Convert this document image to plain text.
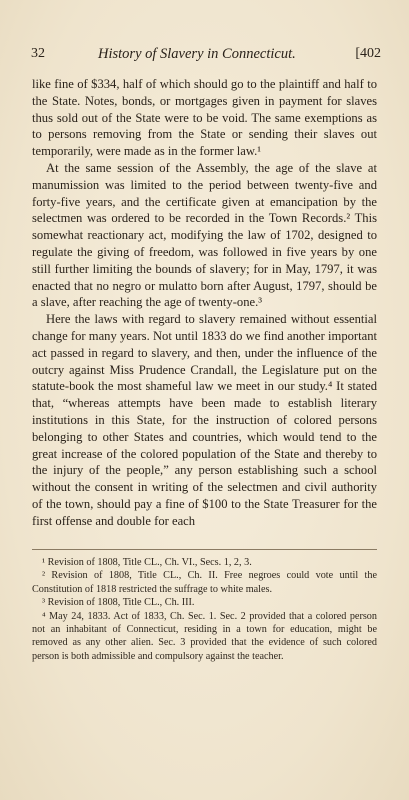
32	History of Slavery in Connecticut.	[402

like fine of $334, half of which should go to the plaintiff and half to the State. Notes, bonds, or mortgages given in payment for slaves thus sold out of the State were to be void. The same exemptions as to persons removing from the State or sending their slaves out temporarily, were made as in the former law.¹

At the same session of the Assembly, the age of the slave at manumission was limited to the period between twenty-five and forty-five years, and the certificate given at emancipation by the selectmen was ordered to be recorded in the Town Records.² This somewhat reactionary act, modifying the law of 1702, designed to regulate the giving of freedom, was followed in five years by one still further limiting the bounds of slavery; for in May, 1797, it was enacted that no negro or mulatto born after August, 1797, should be a slave, after reaching the age of twenty-one.³

Here the laws with regard to slavery remained without essential change for many years. Not until 1833 do we find another important act passed in regard to slavery, and then, under the influence of the outcry against Miss Prudence Crandall, the Legislature put on the statute-book the most shameful law we meet in our study.⁴ It stated that, “whereas attempts have been made to establish literary institutions in this State, for the instruction of colored persons belonging to other States and countries, which would tend to the great increase of the colored population of the State and thereby to the injury of the people,” any person establishing such a school without the consent in writing of the selectmen and civil authority of the town, should pay a fine of $100 to the State Treasurer for the first offense and double for each

¹ Revision of 1808, Title CL., Ch. VI., Secs. 1, 2, 3.

² Revision of 1808, Title CL., Ch. II. Free negroes could vote until the Constitution of 1818 restricted the suffrage to white males.

³ Revision of 1808, Title CL., Ch. III.

⁴ May 24, 1833. Act of 1833, Ch. Sec. 1. Sec. 2 provided that a colored person not an inhabitant of Connecticut, residing in a town for education, might be removed as any other alien. Sec. 3 provided that the evidence of such colored person is both admissible and compulsory against the teacher.
